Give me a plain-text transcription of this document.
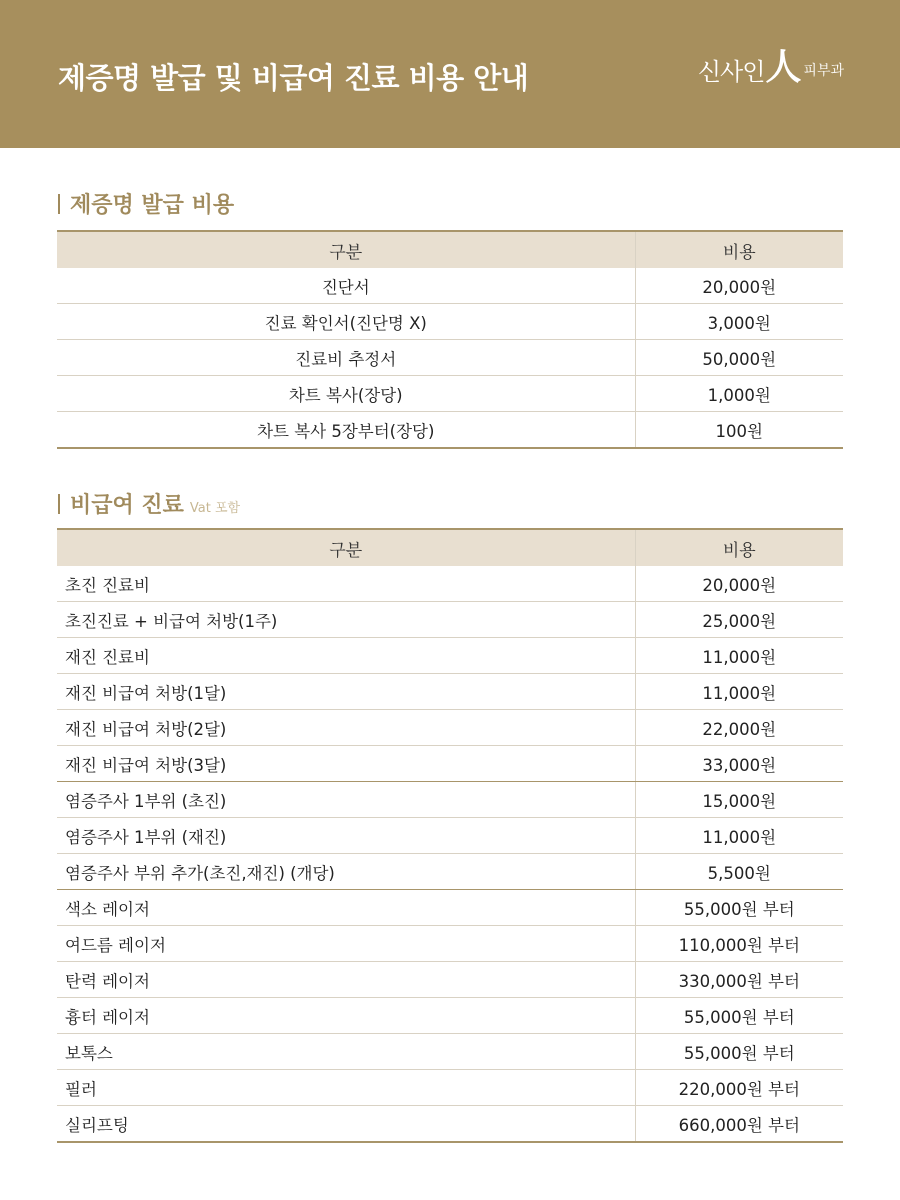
제증명 발급 및 비급여 진료 비용 안내	신사인 人 피부과
제증명 발급 비용
구분	비용
진단서	20,000원
진료 확인서(진단명 X)	3,000원
진료비 추정서	50,000원
차트 복사(장당)	1,000원
차트 복사 5장부터(장당)	100원
비급여 진료 Vat 포함
구분	비용
초진 진료비	20,000원
초진진료 + 비급여 처방(1주)	25,000원
재진 진료비	11,000원
재진 비급여 처방(1달)	11,000원
재진 비급여 처방(2달)	22,000원
재진 비급여 처방(3달)	33,000원
염증주사 1부위 (초진)	15,000원
염증주사 1부위 (재진)	11,000원
염증주사 부위 추가(초진,재진) (개당)	5,500원
색소 레이저	55,000원 부터
여드름 레이저	110,000원 부터
탄력 레이저	330,000원 부터
흉터 레이저	55,000원 부터
보톡스	55,000원 부터
필러	220,000원 부터
실리프팅	660,000원 부터
